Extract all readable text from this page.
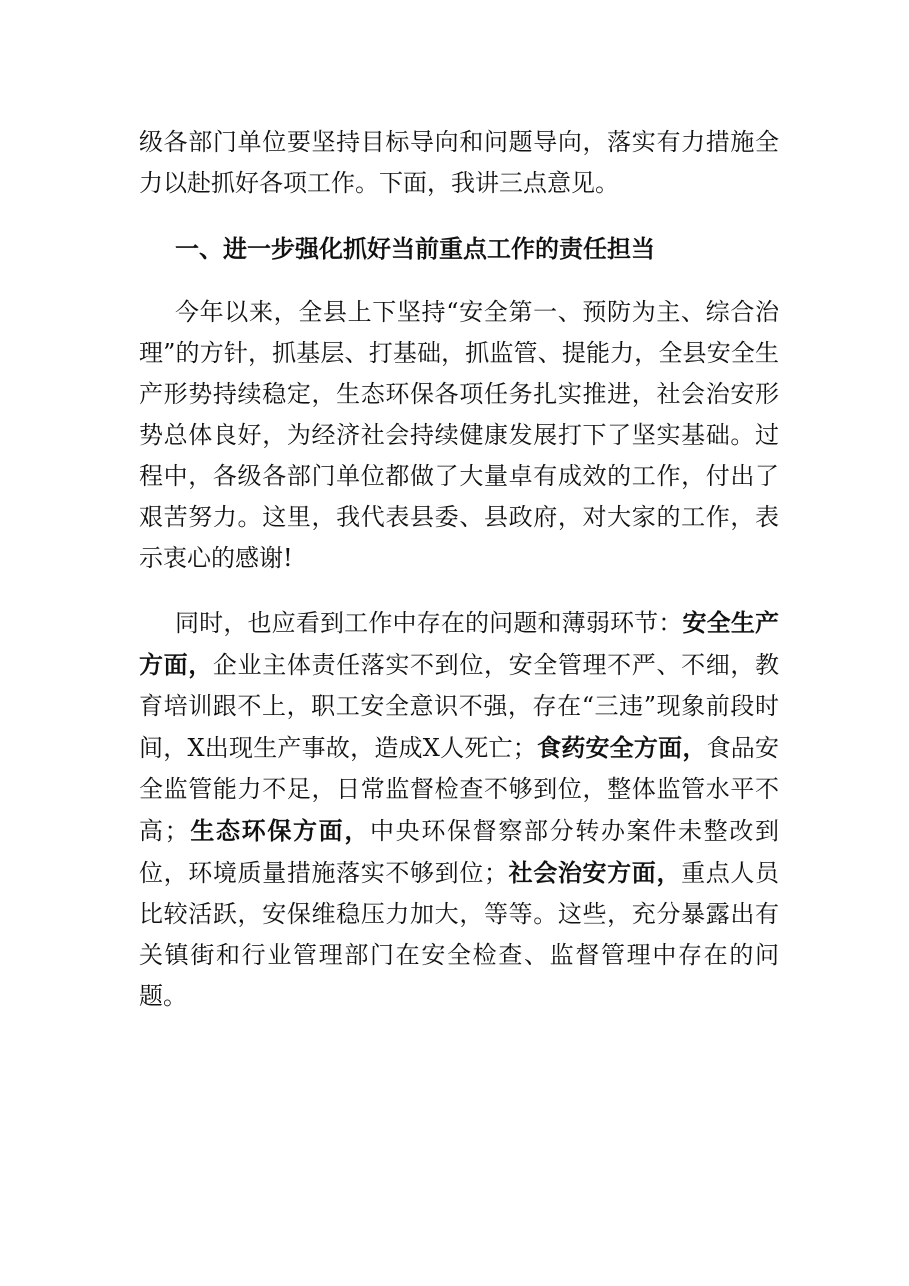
级各部门单位要坚持目标导向和问题导向，落实有力措施全力以赴抓好各项工作。下面，我讲三点意见。

一、进一步强化抓好当前重点工作的责任担当

今年以来，全县上下坚持“安全第一、预防为主、综合治理”的方针，抓基层、打基础，抓监管、提能力，全县安全生产形势持续稳定，生态环保各项任务扎实推进，社会治安形势总体良好，为经济社会持续健康发展打下了坚实基础。过程中，各级各部门单位都做了大量卓有成效的工作，付出了艰苦努力。这里，我代表县委、县政府，对大家的工作，表示衷心的感谢!

同时，也应看到工作中存在的问题和薄弱环节：安全生产方面，企业主体责任落实不到位，安全管理不严、不细，教育培训跟不上，职工安全意识不强，存在“三违”现象前段时间，X出现生产事故，造成X人死亡；食药安全方面，食品安全监管能力不足，日常监督检查不够到位，整体监管水平不高；生态环保方面，中央环保督察部分转办案件未整改到位，环境质量措施落实不够到位；社会治安方面，重点人员比较活跃，安保维稳压力加大，等等。这些，充分暴露出有关镇街和行业管理部门在安全检查、监督管理中存在的问题。
